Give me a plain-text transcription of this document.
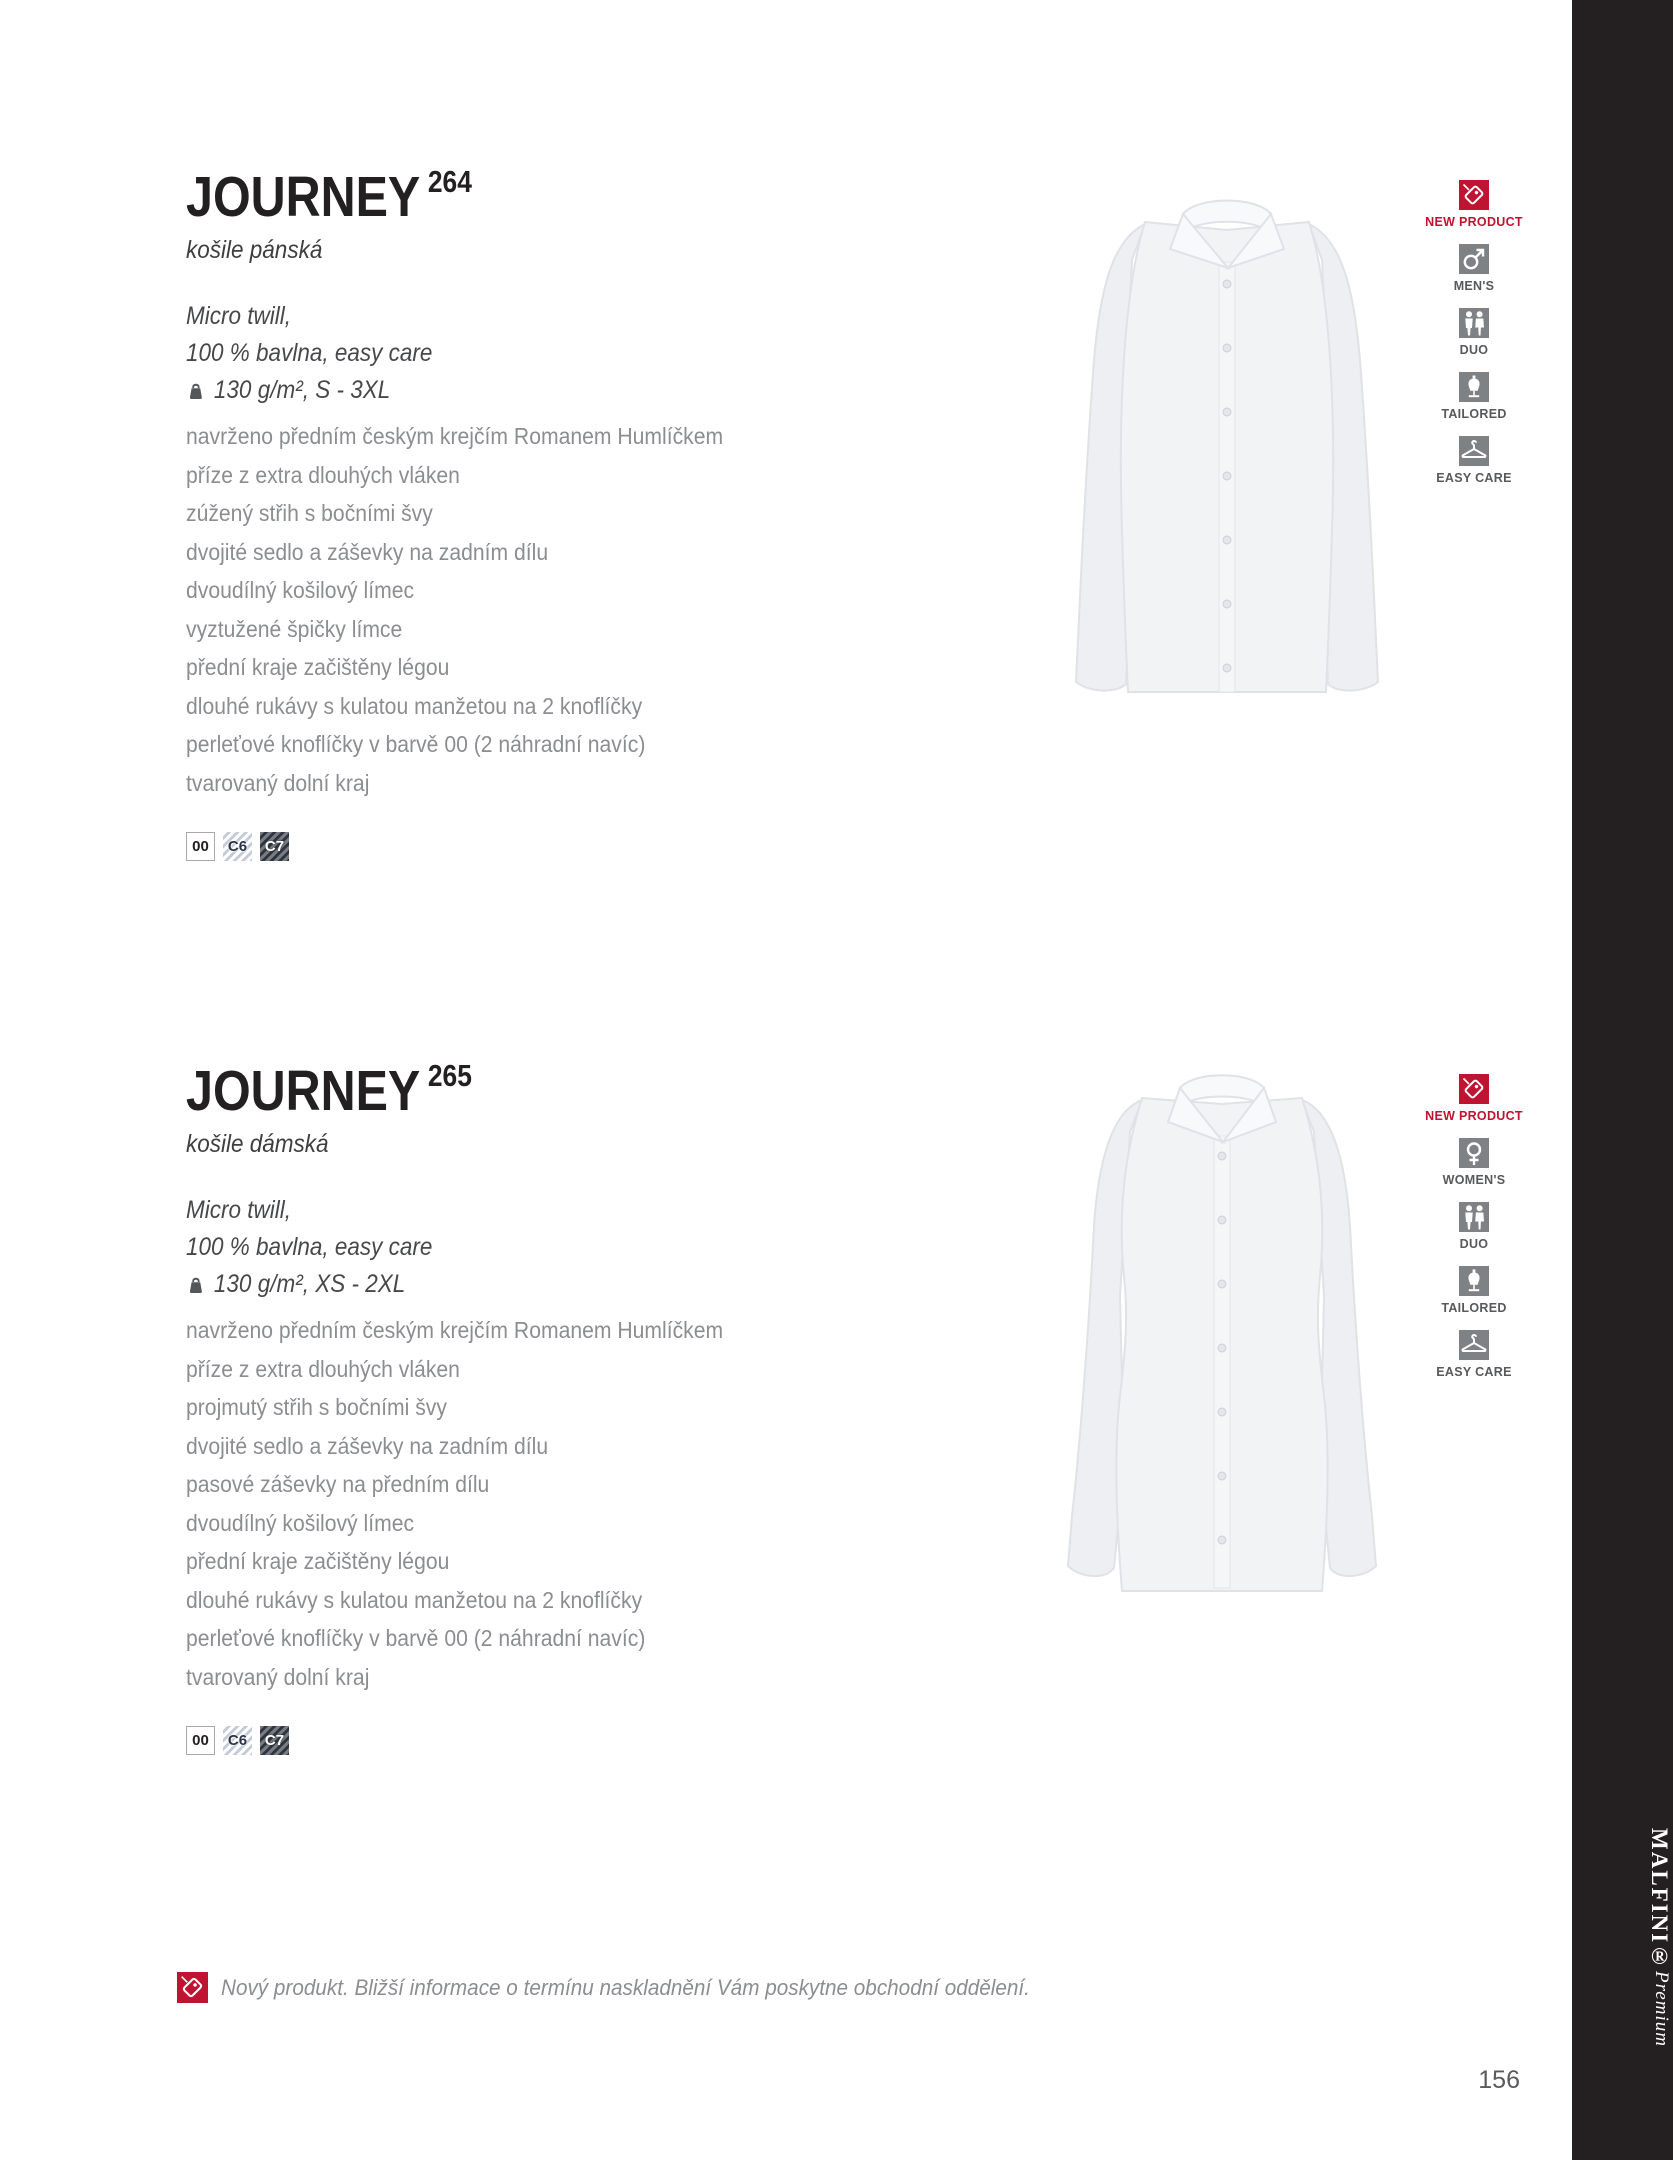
JOURNEY 264
košile pánská
Micro twill,
100 % bavlna, easy care
130 g/m², S - 3XL
navrženo předním českým krejčím Romanem Humlíčkem
příze z extra dlouhých vláken
zúžený střih s bočními švy
dvojité sedlo a záševky na zadním dílu
dvoudílný košilový límec
vyztužené špičky límce
přední kraje začištěny légou
dlouhé rukávy s kulatou manžetou na 2 knoflíčky
perleťové knoflíčky v barvě 00 (2 náhradní navíc)
tvarovaný dolní kraj
00	C6	C7
NEW PRODUCT
MEN'S
DUO
TAILORED
EASY CARE
JOURNEY 265
košile dámská
Micro twill,
100 % bavlna, easy care
130 g/m², XS - 2XL
navrženo předním českým krejčím Romanem Humlíčkem
příze z extra dlouhých vláken
projmutý střih s bočními švy
dvojité sedlo a záševky na zadním dílu
pasové záševky na předním dílu
dvoudílný košilový límec
přední kraje začištěny légou
dlouhé rukávy s kulatou manžetou na 2 knoflíčky
perleťové knoflíčky v barvě 00 (2 náhradní navíc)
tvarovaný dolní kraj
00	C6	C7
NEW PRODUCT
WOMEN'S
DUO
TAILORED
EASY CARE
Nový produkt. Bližší informace o termínu naskladnění Vám poskytne obchodní oddělení.
156
MALFINI®
Premium
